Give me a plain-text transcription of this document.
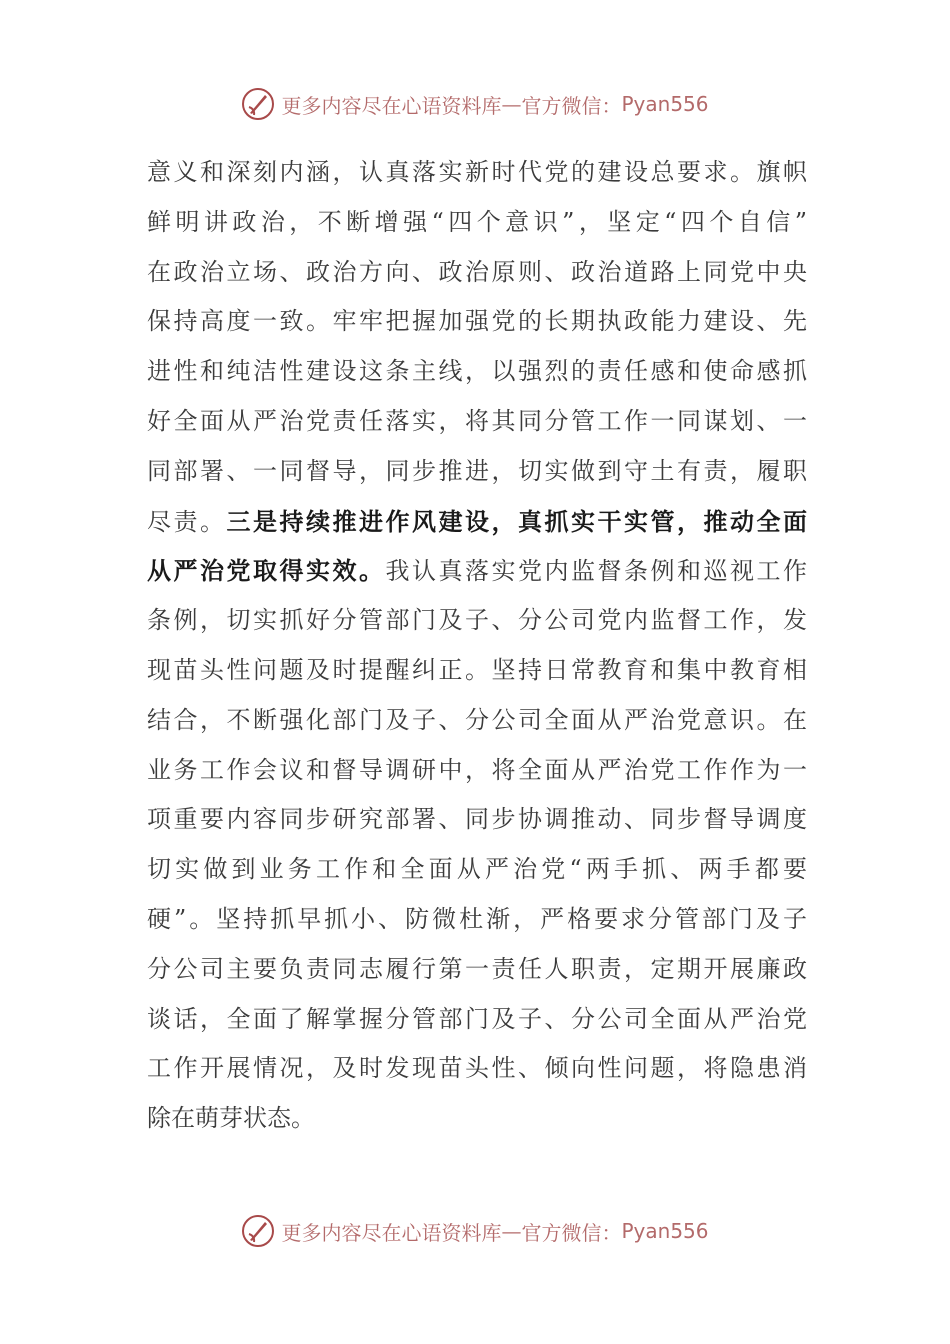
更多内容尽在心语资料库 — 官方微信： Pyan556
意义和深刻内涵，认真落实新时代党的建设总要求。旗帜
鲜明讲政治，不断增强“四个意识”，坚定“四个自信”
在政治立场、政治方向、政治原则、政治道路上同党中央
保持高度一致。牢牢把握加强党的长期执政能力建设、先
进性和纯洁性建设这条主线，以强烈的责任感和使命感抓
好全面从严治党责任落实，将其同分管工作一同谋划、一
同部署、一同督导，同步推进，切实做到守土有责，履职
尽责。三是持续推进作风建设，真抓实干实管，推动全面
从严治党取得实效。我认真落实党内监督条例和巡视工作
条例，切实抓好分管部门及子、分公司党内监督工作，发
现苗头性问题及时提醒纠正。坚持日常教育和集中教育相
结合，不断强化部门及子、分公司全面从严治党意识。在
业务工作会议和督导调研中，将全面从严治党工作作为一
项重要内容同步研究部署、同步协调推动、同步督导调度
切实做到业务工作和全面从严治党“两手抓、两手都要
硬”。坚持抓早抓小、防微杜渐，严格要求分管部门及子
分公司主要负责同志履行第一责任人职责，定期开展廉政
谈话，全面了解掌握分管部门及子、分公司全面从严治党
工作开展情况，及时发现苗头性、倾向性问题，将隐患消
除在萌芽状态。
更多内容尽在心语资料库 — 官方微信： Pyan556
